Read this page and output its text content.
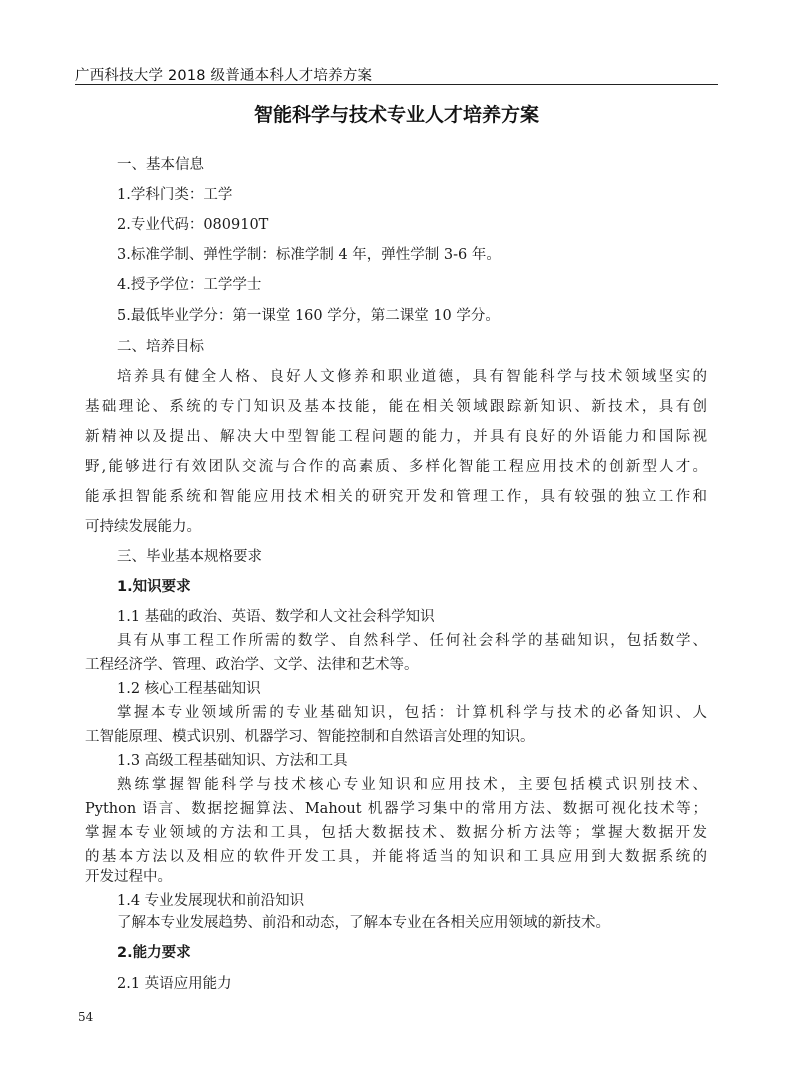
广西科技大学 2018 级普通本科人才培养方案
智能科学与技术专业人才培养方案
一、基本信息
1.学科门类：工学
2.专业代码：080910T
3.标准学制、弹性学制：标准学制 4 年，弹性学制 3-6 年。
4.授予学位：工学学士
5.最低毕业学分：第一课堂 160 学分，第二课堂 10 学分。
二、培养目标
培养具有健全人格、良好人文修养和职业道德，具有智能科学与技术领域坚实的
基础理论、系统的专门知识及基本技能，能在相关领域跟踪新知识、新技术，具有创
新精神以及提出、解决大中型智能工程问题的能力，并具有良好的外语能力和国际视
野,能够进行有效团队交流与合作的高素质、多样化智能工程应用技术的创新型人才。
能承担智能系统和智能应用技术相关的研究开发和管理工作，具有较强的独立工作和
可持续发展能力。
三、毕业基本规格要求
1.知识要求
1.1 基础的政治、英语、数学和人文社会科学知识
具有从事工程工作所需的数学、自然科学、任何社会科学的基础知识，包括数学、
工程经济学、管理、政治学、文学、法律和艺术等。
1.2 核心工程基础知识
掌握本专业领域所需的专业基础知识，包括：计算机科学与技术的必备知识、人
工智能原理、模式识别、机器学习、智能控制和自然语言处理的知识。
1.3 高级工程基础知识、方法和工具
熟练掌握智能科学与技术核心专业知识和应用技术，主要包括模式识别技术、
Python 语言、数据挖掘算法、Mahout 机器学习集中的常用方法、数据可视化技术等；
掌握本专业领域的方法和工具，包括大数据技术、数据分析方法等；掌握大数据开发
的基本方法以及相应的软件开发工具，并能将适当的知识和工具应用到大数据系统的
开发过程中。
1.4 专业发展现状和前沿知识
了解本专业发展趋势、前沿和动态，了解本专业在各相关应用领域的新技术。
2.能力要求
2.1 英语应用能力
54
